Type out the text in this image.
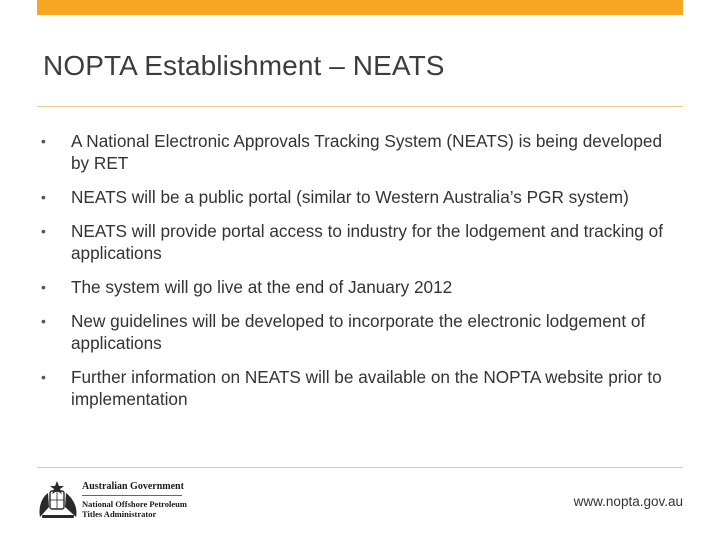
NOPTA Establishment – NEATS
• A National Electronic Approvals Tracking System (NEATS) is being developed by RET
• NEATS will be a public portal (similar to Western Australia’s PGR system)
• NEATS will provide portal access to industry for the lodgement and tracking of applications
• The system will go live at the end of January 2012
• New guidelines will be developed to incorporate the electronic lodgement of applications
• Further information on NEATS will be available on the NOPTA website prior to implementation
Australian Government
National Offshore Petroleum
Titles Administrator
www.nopta.gov.au
